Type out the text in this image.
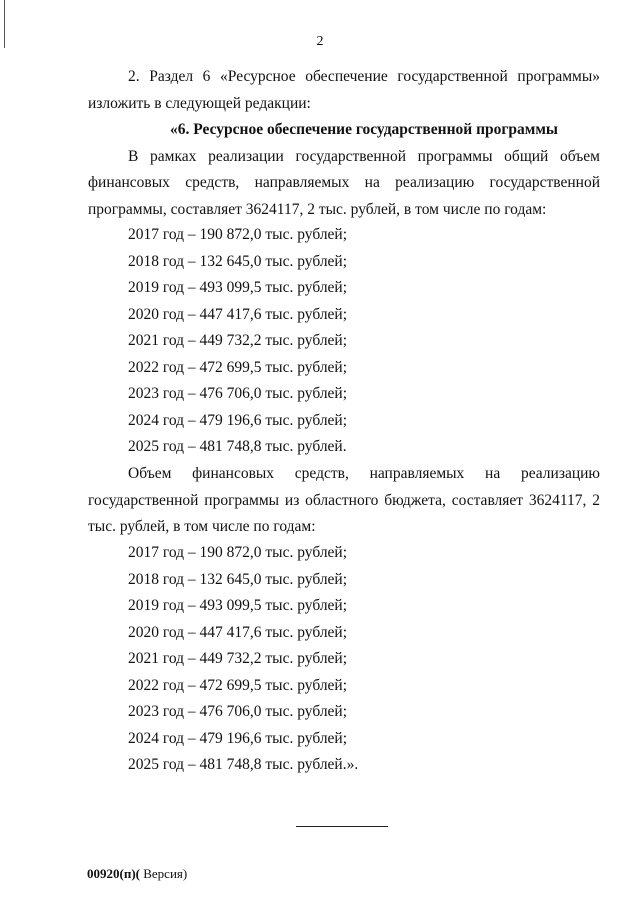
2

2. Раздел 6 «Ресурсное обеспечение государственной программы» изложить в следующей редакции:

«6. Ресурсное обеспечение государственной программы

В рамках реализации государственной программы общий объем финансовых средств, направляемых на реализацию государственной программы, составляет 3624117, 2 тыс. рублей, в том числе по годам:

2017 год – 190 872,0 тыс. рублей;
2018 год – 132 645,0 тыс. рублей;
2019 год – 493 099,5 тыс. рублей;
2020 год – 447 417,6 тыс. рублей;
2021 год – 449 732,2 тыс. рублей;
2022 год – 472 699,5 тыс. рублей;
2023 год – 476 706,0 тыс. рублей;
2024 год – 479 196,6 тыс. рублей;
2025 год – 481 748,8 тыс. рублей.

Объем финансовых средств, направляемых на реализацию государственной программы из областного бюджета, составляет 3624117, 2 тыс. рублей, в том числе по годам:

2017 год – 190 872,0 тыс. рублей;
2018 год – 132 645,0 тыс. рублей;
2019 год – 493 099,5 тыс. рублей;
2020 год – 447 417,6 тыс. рублей;
2021 год – 449 732,2 тыс. рублей;
2022 год – 472 699,5 тыс. рублей;
2023 год – 476 706,0 тыс. рублей;
2024 год – 479 196,6 тыс. рублей;
2025 год – 481 748,8 тыс. рублей.».
00920(п)( Версия)
